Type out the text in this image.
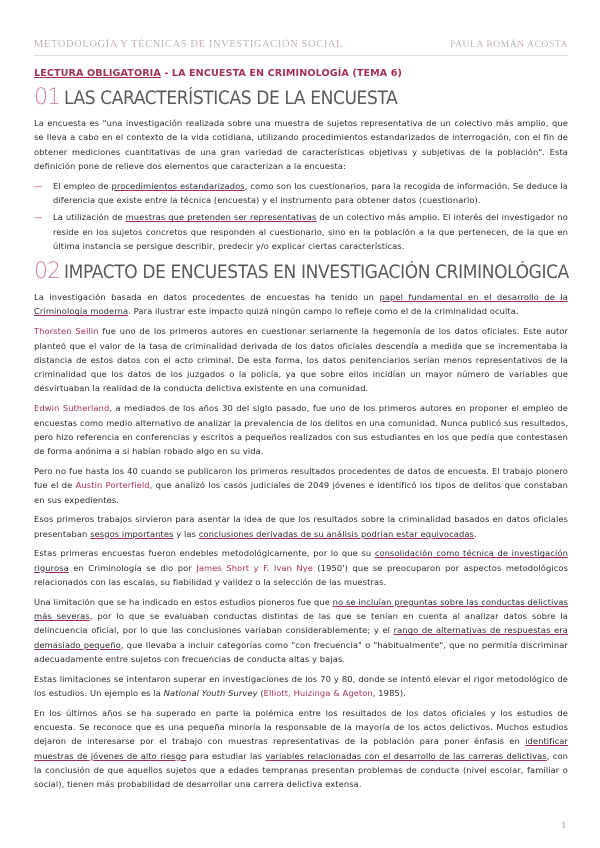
METODOLOGÍA Y TÉCNICAS DE INVESTIGACIÓN SOCIAL	PAULA ROMÁN ACOSTA
LECTURA OBLIGATORIA - LA ENCUESTA EN CRIMINOLOGÍA (TEMA 6)
01 LAS CARACTERÍSTICAS DE LA ENCUESTA

La encuesta es "una investigación realizada sobre una muestra de sujetos representativa de un colectivo más amplio, que se lleva a cabo en el contexto de la vida cotidiana, utilizando procedimientos estandarizados de interrogación, con el fin de obtener mediciones cuantitativas de una gran variedad de características objetivas y subjetivas de la población". Esta definición pone de relieve dos elementos que caracterizan a la encuesta:

— El empleo de procedimientos estandarizados, como son los cuestionarios, para la recogida de información. Se deduce la diferencia que existe entre la técnica (encuesta) y el instrumento para obtener datos (cuestionario).
— La utilización de muestras que pretenden ser representativas de un colectivo más amplio. El interés del investigador no reside en los sujetos concretos que responden al cuestionario, sino en la población a la que pertenecen, de la que en última instancia se persigue describir, predecir y/o explicar ciertas características.
02 IMPACTO DE ENCUESTAS EN INVESTIGACIÓN CRIMINOLÓGICA

La investigación basada en datos procedentes de encuestas ha tenido un papel fundamental en el desarrollo de la Criminología moderna. Para ilustrar este impacto quizá ningún campo lo refleje como el de la criminalidad oculta.

Thorsten Sellin fue uno de los primeros autores en cuestionar seriamente la hegemonía de los datos oficiales. Este autor planteó que el valor de la tasa de criminalidad derivada de los datos oficiales descendía a medida que se incrementaba la distancia de estos datos con el acto criminal. De esta forma, los datos penitenciarios serían menos representativos de la criminalidad que los datos de los juzgados o la policía, ya que sobre ellos incidían un mayor número de variables que desvirtuaban la realidad de la conducta delictiva existente en una comunidad.

Edwin Sutherland, a mediados de los años 30 del siglo pasado, fue uno de los primeros autores en proponer el empleo de encuestas como medio alternativo de analizar la prevalencia de los delitos en una comunidad. Nunca publicó sus resultados, pero hizo referencia en conferencias y escritos a pequeños realizados con sus estudiantes en los que pedía que contestasen de forma anónima a si habían robado algo en su vida.

Pero no fue hasta los 40 cuando se publicaron los primeros resultados procedentes de datos de encuesta. El trabajo pionero fue el de Austin Porterfield, que analizó los casos judiciales de 2049 jóvenes e identificó los tipos de delitos que constaban en sus expedientes.

Esos primeros trabajos sirvieron para asentar la idea de que los resultados sobre la criminalidad basados en datos oficiales presentaban sesgos importantes y las conclusiones derivadas de su análisis podrían estar equivocadas.

Estas primeras encuestas fueron endebles metodológicamente, por lo que su consolidación como técnica de investigación rigurosa en Criminología se dio por James Short y F. Ivan Nye (1950') que se preocuparon por aspectos metodológicos relacionados con las escalas, su fiabilidad y validez o la selección de las muestras.

Una limitación que se ha indicado en estos estudios pioneros fue que no se incluían preguntas sobre las conductas delictivas más severas, por lo que se evaluaban conductas distintas de las que se tenían en cuenta al analizar datos sobre la delincuencia oficial, por lo que las conclusiones variaban considerablemente; y el rango de alternativas de respuestas era demasiado pequeño, que llevaba a incluir categorías como "con frecuencia" o "habitualmente", que no permitía discriminar adecuadamente entre sujetos con frecuencias de conducta altas y bajas.

Estas limitaciones se intentaron superar en investigaciones de los 70 y 80, donde se intentó elevar el rigor metodológico de los estudios. Un ejemplo es la National Youth Survey (Elliott, Huizinga & Ageton, 1985).

En los últimos años se ha superado en parte la polémica entre los resultados de los datos oficiales y los estudios de encuesta. Se reconoce que es una pequeña minoría la responsable de la mayoría de los actos delictivos. Muchos estudios dejaron de interesarse por el trabajo con muestras representativas de la población para poner énfasis en identificar muestras de jóvenes de alto riesgo para estudiar las variables relacionadas con el desarrollo de las carreras delictivas, con la conclusión de que aquellos sujetos que a edades tempranas presentan problemas de conducta (nivel escolar, familiar o social), tienen más probabilidad de desarrollar una carrera delictiva extensa.

1
